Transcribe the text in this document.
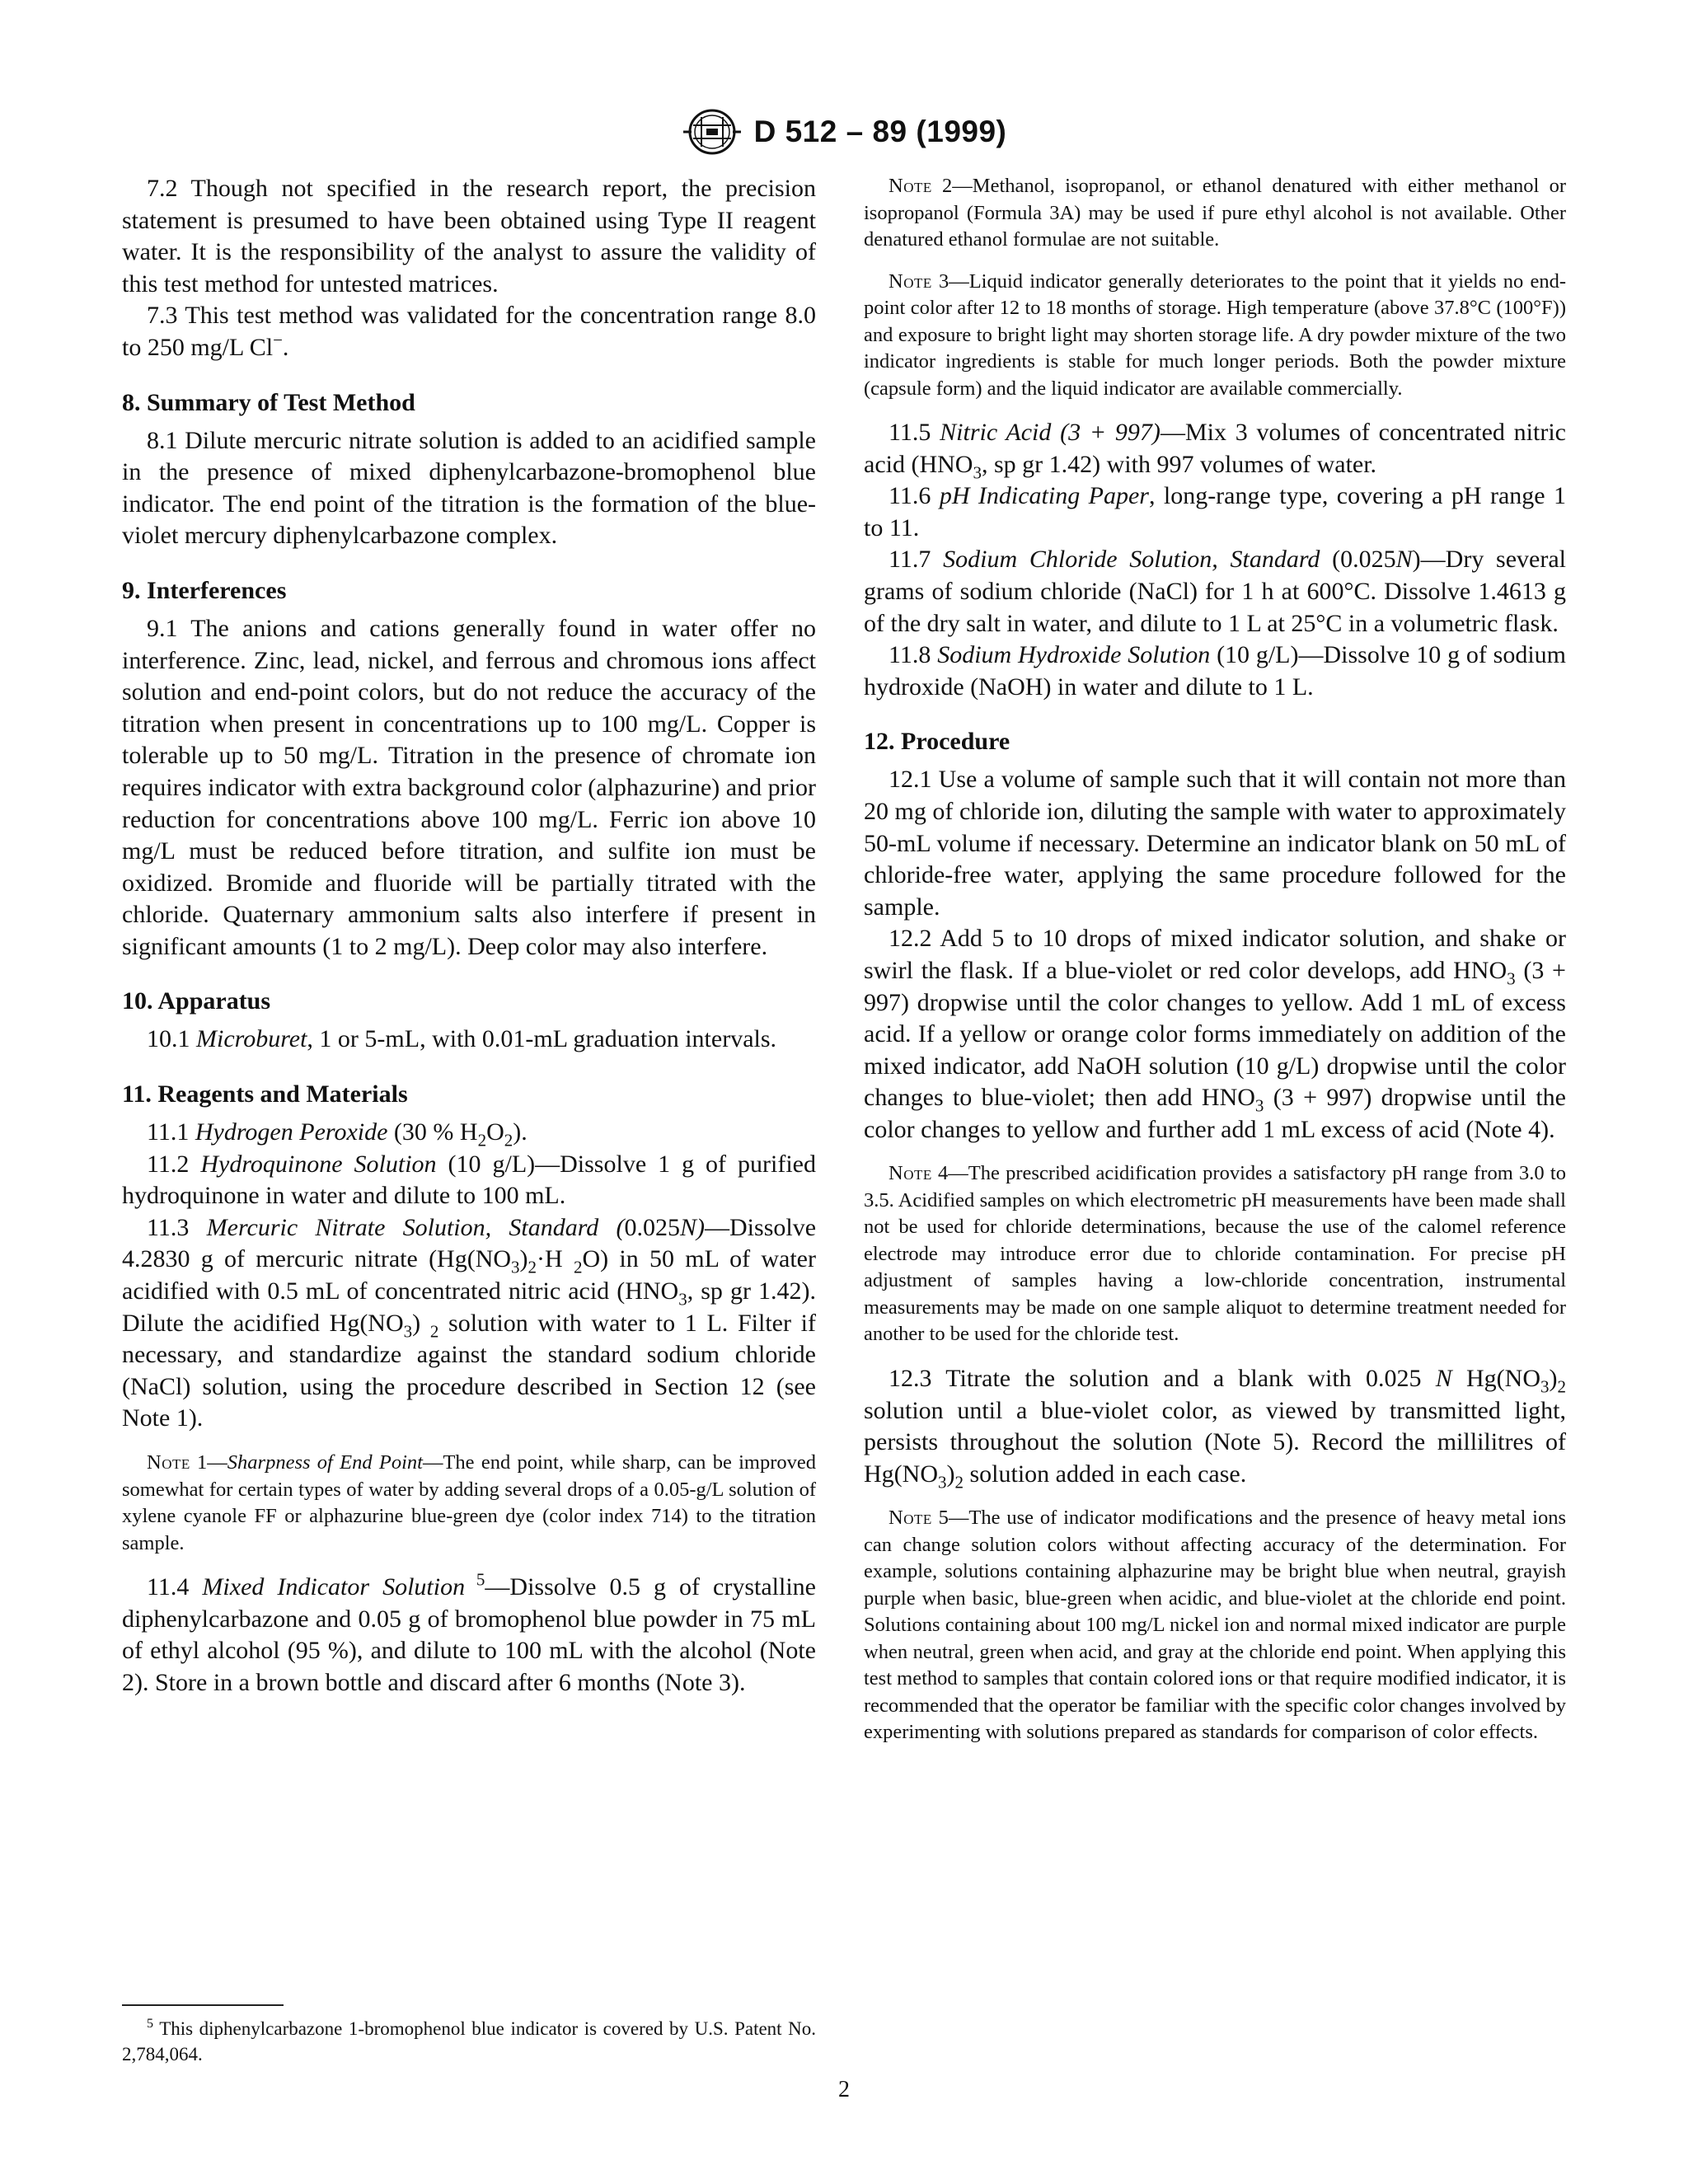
D 512 – 89 (1999)

7.2 Though not specified in the research report, the precision statement is presumed to have been obtained using Type II reagent water. It is the responsibility of the analyst to assure the validity of this test method for untested matrices.

7.3 This test method was validated for the concentration range 8.0 to 250 mg/L Cl−.

8. Summary of Test Method

8.1 Dilute mercuric nitrate solution is added to an acidified sample in the presence of mixed diphenylcarbazone-bromophenol blue indicator. The end point of the titration is the formation of the blue-violet mercury diphenylcarbazone complex.

9. Interferences

9.1 The anions and cations generally found in water offer no interference. Zinc, lead, nickel, and ferrous and chromous ions affect solution and end-point colors, but do not reduce the accuracy of the titration when present in concentrations up to 100 mg/L. Copper is tolerable up to 50 mg/L. Titration in the presence of chromate ion requires indicator with extra background color (alphazurine) and prior reduction for concentrations above 100 mg/L. Ferric ion above 10 mg/L must be reduced before titration, and sulfite ion must be oxidized. Bromide and fluoride will be partially titrated with the chloride. Quaternary ammonium salts also interfere if present in significant amounts (1 to 2 mg/L). Deep color may also interfere.

10. Apparatus

10.1 Microburet, 1 or 5-mL, with 0.01-mL graduation intervals.

11. Reagents and Materials

11.1 Hydrogen Peroxide (30 % $H_2O_2$).

11.2 Hydroquinone Solution (10 g/L)—Dissolve 1 g of purified hydroquinone in water and dilute to 100 mL.

11.3 Mercuric Nitrate Solution, Standard (0.025N)—Dissolve 4.2830 g of mercuric nitrate ($Hg(NO_3)_2\cdot H$ $_2$O) in 50 mL of water acidified with 0.5 mL of concentrated nitric acid ($HNO_3$, sp gr 1.42). Dilute the acidified $Hg(NO_3)$ $_2$ solution with water to 1 L. Filter if necessary, and standardize against the standard sodium chloride (NaCl) solution, using the procedure described in Section 12 (see Note 1).

Note 1—Sharpness of End Point—The end point, while sharp, can be improved somewhat for certain types of water by adding several drops of a 0.05-g/L solution of xylene cyanole FF or alphazurine blue-green dye (color index 714) to the titration sample.

11.4 Mixed Indicator Solution $^5$—Dissolve 0.5 g of crystalline diphenylcarbazone and 0.05 g of bromophenol blue powder in 75 mL of ethyl alcohol (95 %), and dilute to 100 mL with the alcohol (Note 2). Store in a brown bottle and discard after 6 months (Note 3).

Note 2—Methanol, isopropanol, or ethanol denatured with either methanol or isopropanol (Formula 3A) may be used if pure ethyl alcohol is not available. Other denatured ethanol formulae are not suitable.
Note 3—Liquid indicator generally deteriorates to the point that it yields no end-point color after 12 to 18 months of storage. High temperature (above 37.8°C (100°F)) and exposure to bright light may shorten storage life. A dry powder mixture of the two indicator ingredients is stable for much longer periods. Both the powder mixture (capsule form) and the liquid indicator are available commercially.

11.5 Nitric Acid (3 + 997)—Mix 3 volumes of concentrated nitric acid ($HNO_3$, sp gr 1.42) with 997 volumes of water.

11.6 pH Indicating Paper, long-range type, covering a pH range 1 to 11.

11.7 Sodium Chloride Solution, Standard (0.025N)—Dry several grams of sodium chloride (NaCl) for 1 h at 600°C. Dissolve 1.4613 g of the dry salt in water, and dilute to 1 L at 25°C in a volumetric flask.

11.8 Sodium Hydroxide Solution (10 g/L)—Dissolve 10 g of sodium hydroxide (NaOH) in water and dilute to 1 L.

12. Procedure

12.1 Use a volume of sample such that it will contain not more than 20 mg of chloride ion, diluting the sample with water to approximately 50-mL volume if necessary. Determine an indicator blank on 50 mL of chloride-free water, applying the same procedure followed for the sample.

12.2 Add 5 to 10 drops of mixed indicator solution, and shake or swirl the flask. If a blue-violet or red color develops, add $HNO_3$ (3 + 997) dropwise until the color changes to yellow. Add 1 mL of excess acid. If a yellow or orange color forms immediately on addition of the mixed indicator, add NaOH solution (10 g/L) dropwise until the color changes to blue-violet; then add $HNO_3$ (3 + 997) dropwise until the color changes to yellow and further add 1 mL excess of acid (Note 4).

Note 4—The prescribed acidification provides a satisfactory pH range from 3.0 to 3.5. Acidified samples on which electrometric pH measurements have been made shall not be used for chloride determinations, because the use of the calomel reference electrode may introduce error due to chloride contamination. For precise pH adjustment of samples having a low-chloride concentration, instrumental measurements may be made on one sample aliquot to determine treatment needed for another to be used for the chloride test.

12.3 Titrate the solution and a blank with 0.025 N $Hg(NO_3)_2$ solution until a blue-violet color, as viewed by transmitted light, persists throughout the solution (Note 5). Record the millilitres of $Hg(NO_3)_2$ solution added in each case.

Note 5—The use of indicator modifications and the presence of heavy metal ions can change solution colors without affecting accuracy of the determination. For example, solutions containing alphazurine may be bright blue when neutral, grayish purple when basic, blue-green when acidic, and blue-violet at the chloride end point. Solutions containing about 100 mg/L nickel ion and normal mixed indicator are purple when neutral, green when acid, and gray at the chloride end point. When applying this test method to samples that contain colored ions or that require modified indicator, it is recommended that the operator be familiar with the specific color changes involved by experimenting with solutions prepared as standards for comparison of color effects.
$^5$ This diphenylcarbazone 1-bromophenol blue indicator is covered by U.S. Patent No. 2,784,064.
2
